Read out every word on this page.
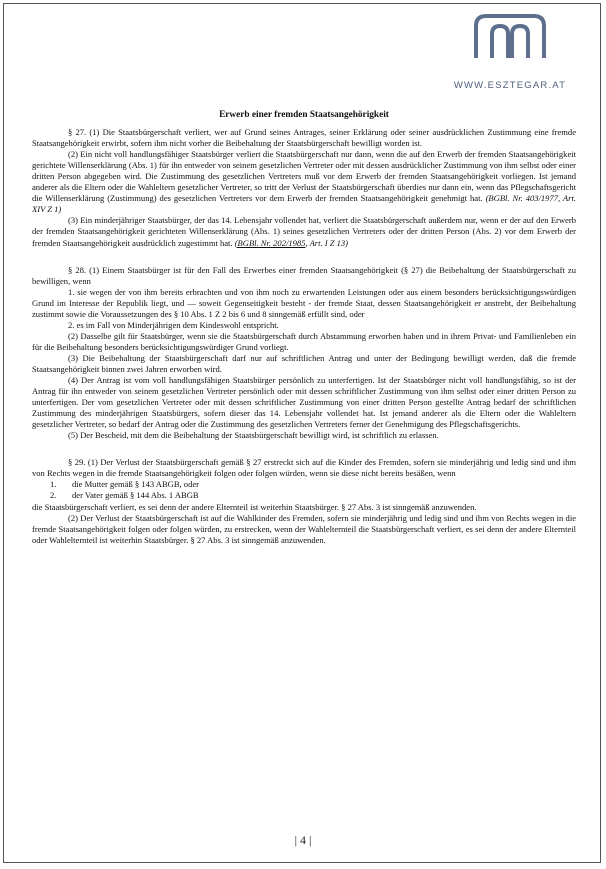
WWW.ESZTEGAR.AT
Erwerb einer fremden Staatsangehörigkeit

§ 27. (1) Die Staatsbürgerschaft verliert, wer auf Grund seines Antrages, seiner Erklärung oder seiner ausdrücklichen Zustimmung eine fremde Staatsangehörigkeit erwirbt, sofern ihm nicht vorher die Beibehaltung der Staatsbürgerschaft bewilligt worden ist.

(2) Ein nicht voll handlungsfähiger Staatsbürger verliert die Staatsbürgerschaft nur dann, wenn die auf den Erwerb der fremden Staatsangehörigkeit gerichtete Willenserklärung (Abs. 1) für ihn entweder von seinem gesetzlichen Vertreter oder mit dessen ausdrücklicher Zustimmung von ihm selbst oder einer dritten Person abgegeben wird. Die Zustimmung des gesetzlichen Vertreters muß vor dem Erwerb der fremden Staatsangehörigkeit vorliegen. Ist jemand anderer als die Eltern oder die Wahleltern gesetzlicher Vertreter, so tritt der Verlust der Staatsbürgerschaft überdies nur dann ein, wenn das Pflegschaftsgericht die Willenserklärung (Zustimmung) des gesetzlichen Vertreters vor dem Erwerb der fremden Staatsangehörigkeit genehmigt hat. (BGBl. Nr. 403/1977, Art. XIV Z 1)

(3) Ein minderjähriger Staatsbürger, der das 14. Lebensjahr vollendet hat, verliert die Staatsbürgerschaft außerdem nur, wenn er der auf den Erwerb der fremden Staatsangehörigkeit gerichteten Willenserklärung (Abs. 1) seines gesetzlichen Vertreters oder der dritten Person (Abs. 2) vor dem Erwerb der fremden Staatsangehörigkeit ausdrücklich zugestimmt hat. (BGBl. Nr. 202/1985, Art. I Z 13)

§ 28. (1) Einem Staatsbürger ist für den Fall des Erwerbes einer fremden Staatsangehörigkeit (§ 27) die Beibehaltung der Staatsbürgerschaft zu bewilligen, wenn

1. sie wegen der von ihm bereits erbrachten und von ihm noch zu erwartenden Leistungen oder aus einem besonders berücksichtigungswürdigen Grund im Interesse der Republik liegt, und — soweit Gegenseitigkeit besteht - der fremde Staat, dessen Staatsangehörigkeit er anstrebt, der Beibehaltung zustimmt sowie die Voraussetzungen des § 10 Abs. 1 Z 2 bis 6 und 8 sinngemäß erfüllt sind, oder

2. es im Fall von Minderjährigen dem Kindeswohl entspricht.

(2) Dasselbe gilt für Staatsbürger, wenn sie die Staatsbürgerschaft durch Abstammung erworben haben und in ihrem Privat- und Familienleben ein für die Beibehaltung besonders berücksichtigungswürdiger Grund vorliegt.

(3) Die Beibehaltung der Staatsbürgerschaft darf nur auf schriftlichen Antrag und unter der Bedingung bewilligt werden, daß die fremde Staatsangehörigkeit binnen zwei Jahren erworben wird.

(4) Der Antrag ist vom voll handlungsfähigen Staatsbürger persönlich zu unterfertigen. Ist der Staatsbürger nicht voll handlungsfähig, so ist der Antrag für ihn entweder von seinem gesetzlichen Vertreter persönlich oder mit dessen schriftlicher Zustimmung von ihm selbst oder einer dritten Person zu unterfertigen. Der vom gesetzlichen Vertreter oder mit dessen schriftlicher Zustimmung von einer dritten Person gestellte Antrag bedarf der schriftlichen Zustimmung des minderjährigen Staatsbürgers, sofern dieser das 14. Lebensjahr vollendet hat. Ist jemand anderer als die Eltern oder die Wahleltern gesetzlicher Vertreter, so bedarf der Antrag oder die Zustimmung des gesetzlichen Vertreters ferner der Genehmigung des Pflegschaftsgerichts.

(5) Der Bescheid, mit dem die Beibehaltung der Staatsbürgerschaft bewilligt wird, ist schriftlich zu erlassen.

§ 29. (1) Der Verlust der Staatsbürgerschaft gemäß § 27 erstreckt sich auf die Kinder des Fremden, sofern sie minderjährig und ledig sind und ihm von Rechts wegen in die fremde Staatsangehörigkeit folgen oder folgen würden, wenn sie diese nicht bereits besäßen, wenn

1.	die Mutter gemäß § 143 ABGB, oder
2.	der Vater gemäß § 144 Abs. 1 ABGB

die Staatsbürgerschaft verliert, es sei denn der andere Elternteil ist weiterhin Staatsbürger. § 27 Abs. 3 ist sinngemäß anzuwenden.

(2) Der Verlust der Staatsbürgerschaft ist auf die Wahlkinder des Fremden, sofern sie minderjährig und ledig sind und ihm von Rechts wegen in die fremde Staatsangehörigkeit folgen oder folgen würden, zu erstrecken, wenn der Wahlelternteil die Staatsbürgerschaft verliert, es sei denn der andere Elternteil oder Wahlelternteil ist weiterhin Staatsbürger. § 27 Abs. 3 ist sinngemäß anzuwenden.

| 4 |
